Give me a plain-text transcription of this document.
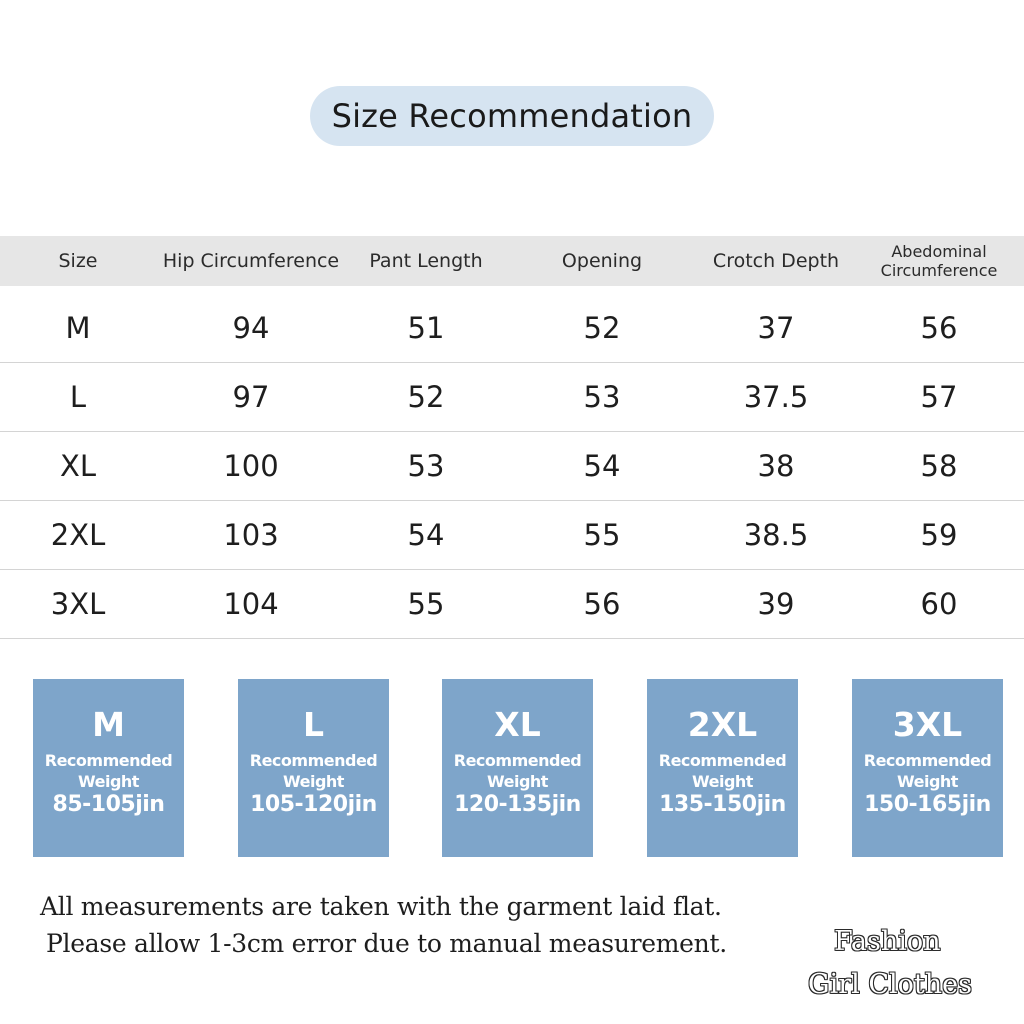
Size Recommendation
Size	Hip Circumference	Pant Length	Opening	Crotch Depth	Abedominal
Circumference
M	94	51	52	37	56
L	97	52	53	37.5	57
XL	100	53	54	38	58
2XL	103	54	55	38.5	59
3XL	104	55	56	39	60
M
Recommended
Weight
85-105jin
L
Recommended
Weight
105-120jin
XL
Recommended
Weight
120-135jin
2XL
Recommended
Weight
135-150jin
3XL
Recommended
Weight
150-165jin
All measurements are taken with the garment laid flat.
Please allow 1-3cm error due to manual measurement.	Fashion
Girl Clothes
